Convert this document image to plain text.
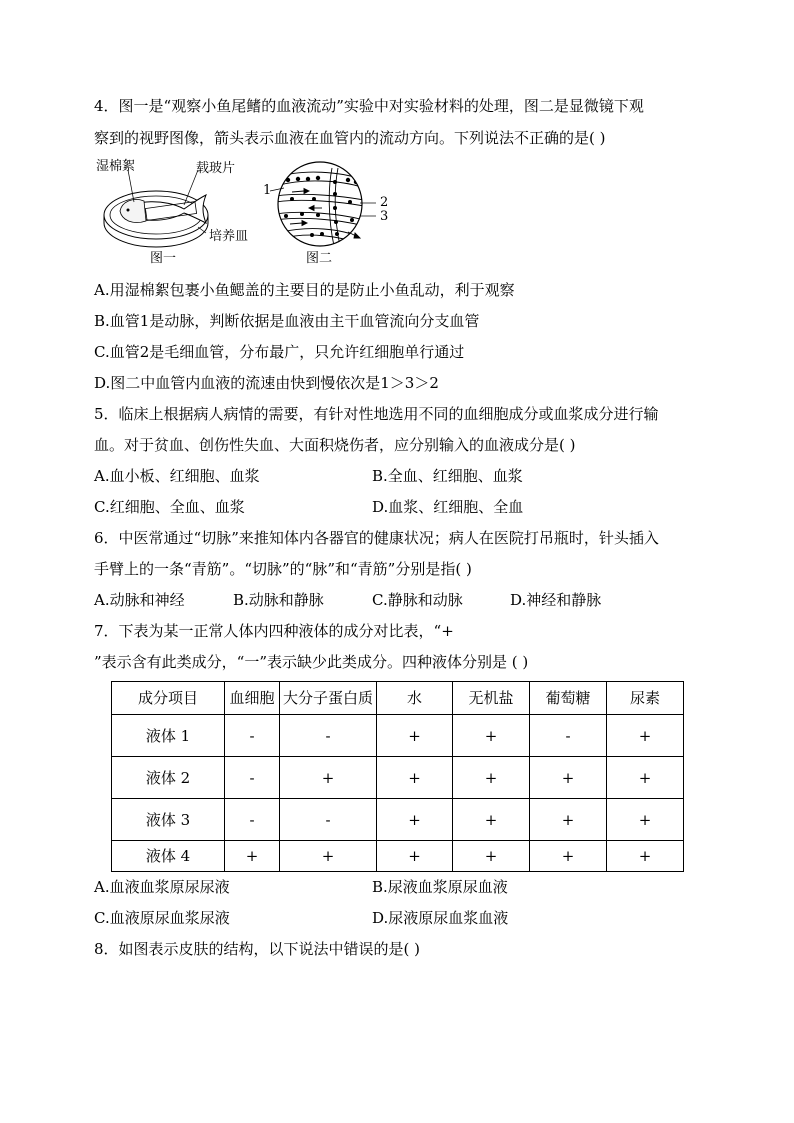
4．图一是“观察小鱼尾鳍的血液流动”实验中对实验材料的处理，图二是显微镜下观
察到的视野图像，箭头表示血液在血管内的流动方向。下列说法不正确的是( )
湿棉絮	载玻片
培养皿
图一
1
2
3
图二
A.用湿棉絮包裹小鱼鳃盖的主要目的是防止小鱼乱动，利于观察
B.血管1是动脉，判断依据是血液由主干血管流向分支血管
C.血管2是毛细血管，分布最广，只允许红细胞单行通过
D.图二中血管内血液的流速由快到慢依次是1＞3＞2
5．临床上根据病人病情的需要，有针对性地选用不同的血细胞成分或血浆成分进行输
血。对于贫血、创伤性失血、大面积烧伤者，应分别输入的血液成分是( )
A.血小板、红细胞、血浆	B.全血、红细胞、血浆
C.红细胞、全血、血浆	D.血浆、红细胞、全血
6．中医常通过“切脉”来推知体内各器官的健康状况；病人在医院打吊瓶时，针头插入
手臂上的一条“青筋”。“切脉”的“脉”和“青筋”分别是指( )
A.动脉和神经	B.动脉和静脉	C.静脉和动脉	D.神经和静脉
7．下表为某一正常人体内四种液体的成分对比表，“+
”表示含有此类成分，“一”表示缺少此类成分。四种液体分别是 ( )
成分项目	血细胞	大分子蛋白质	水	无机盐	葡萄糖	尿素
液体 1	-	-	+	+	-	+
液体 2	-	+	+	+	+	+
液体 3	-	-	+	+	+	+
液体 4	+	+	+	+	+	+
A.血液血浆原尿尿液	B.尿液血浆原尿血液
C.血液原尿血浆尿液	D.尿液原尿血浆血液
8．如图表示皮肤的结构，以下说法中错误的是( )
